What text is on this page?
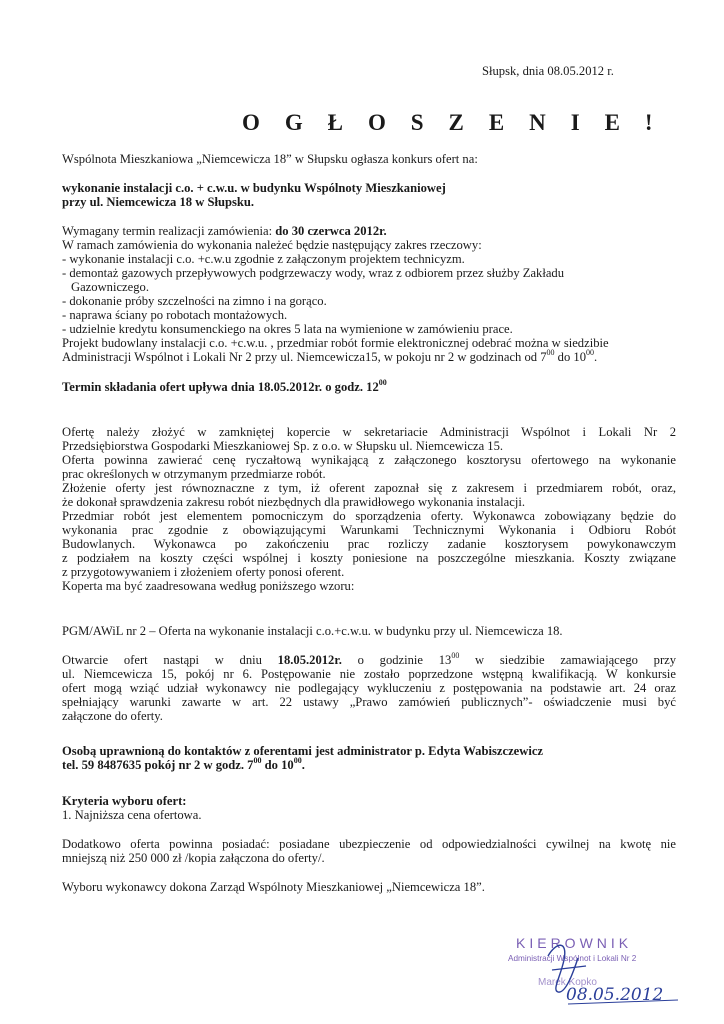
Słupsk, dnia 08.05.2012 r.
O G Ł O S Z E N I E !
Wspólnota Mieszkaniowa „Niemcewicza 18” w Słupsku ogłasza konkurs ofert na:
wykonanie instalacji c.o. + c.w.u. w budynku Wspólnoty Mieszkaniowej
przy ul. Niemcewicza 18 w Słupsku.
Wymagany termin realizacji zamówienia: do 30 czerwca 2012r.
W ramach zamówienia do wykonania należeć będzie następujący zakres rzeczowy:
- wykonanie instalacji c.o. +c.w.u zgodnie z załączonym projektem technicyzm.
- demontaż gazowych przepływowych podgrzewaczy wody, wraz z odbiorem przez służby Zakładu
Gazowniczego.
- dokonanie próby szczelności na zimno i na gorąco.
- naprawa ściany po robotach montażowych.
- udzielnie kredytu konsumenckiego na okres 5 lata na wymienione w zamówieniu prace.
Projekt budowlany instalacji c.o. +c.w.u. , przedmiar robót formie elektronicznej odebrać można w siedzibie
Administracji Wspólnot i Lokali Nr 2 przy ul. Niemcewicza15, w pokoju nr 2 w godzinach od $7^{00}$ do $10^{00}$.
Termin składania ofert upływa dnia 18.05.2012r. o godz. $12^{00}$
Ofertę należy złożyć w zamkniętej kopercie w sekretariacie Administracji Wspólnot i Lokali Nr 2
Przedsiębiorstwa Gospodarki Mieszkaniowej Sp. z o.o. w Słupsku ul. Niemcewicza 15.
Oferta powinna zawierać cenę ryczałtową wynikającą z załączonego kosztorysu ofertowego na wykonanie
prac określonych w otrzymanym przedmiarze robót.
Złożenie oferty jest równoznaczne z tym, iż oferent zapoznał się z zakresem i przedmiarem robót, oraz,
że dokonał sprawdzenia zakresu robót niezbędnych dla prawidłowego wykonania instalacji.
Przedmiar robót jest elementem pomocniczym do sporządzenia oferty. Wykonawca zobowiązany będzie do
wykonania prac zgodnie z obowiązującymi Warunkami Technicznymi Wykonania i Odbioru Robót
Budowlanych. Wykonawca po zakończeniu prac rozliczy zadanie kosztorysem powykonawczym
z podziałem na koszty części wspólnej i koszty poniesione na poszczególne mieszkania. Koszty związane
z przygotowywaniem i złożeniem oferty ponosi oferent.
Koperta ma być zaadresowana według poniższego wzoru:
PGM/AWiL nr 2 – Oferta na wykonanie instalacji c.o.+c.w.u. w budynku przy ul. Niemcewicza 18.
Otwarcie ofert nastąpi w dniu 18.05.2012r. o godzinie $13^{00}$ w siedzibie zamawiającego przy
ul. Niemcewicza 15, pokój nr 6. Postępowanie nie zostało poprzedzone wstępną kwalifikacją. W konkursie
ofert mogą wziąć udział wykonawcy nie podlegający wykluczeniu z postępowania na podstawie art. 24 oraz
spełniający warunki zawarte w art. 22 ustawy „Prawo zamówień publicznych”- oświadczenie musi być
załączone do oferty.
Osobą uprawnioną do kontaktów z oferentami jest administrator p. Edyta Wabiszczewicz
tel. 59 8487635 pokój nr 2 w godz. $7^{00}$ do $10^{00}$.
Kryteria wyboru ofert:
1. Najniższa cena ofertowa.
Dodatkowo oferta powinna posiadać: posiadane ubezpieczenie od odpowiedzialności cywilnej na kwotę nie
mniejszą niż 250 000 zł /kopia załączona do oferty/.
Wyboru wykonawcy dokona Zarząd Wspólnoty Mieszkaniowej „Niemcewicza 18”.
KIEROWNIK
Administracji Wspólnot i Lokali Nr 2
Marek Kopko
08.05.2012
